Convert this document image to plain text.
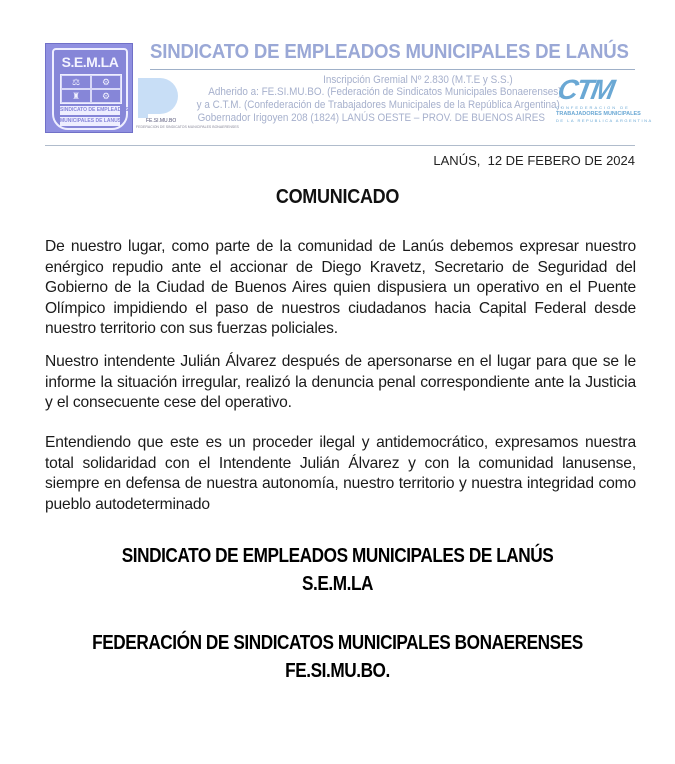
S.E.M.LA
⚖	⚙
♜	⚙
SINDICATO DE EMPLEADOS
MUNICIPALES DE LANUS	FE.SI.MU.BO
FEDERACION DE SINDICATOS MUNICIPALES BONAERENSES
SINDICATO DE EMPLEADOS MUNICIPALES DE LANÚS
Inscripción Gremial Nº 2.830 (M.T.E y S.S.)
Adherido a: FE.SI.MU.BO. (Federación de Sindicatos Municipales Bonaerenses)
y a C.T.M. (Confederación de Trabajadores Municipales de la República Argentina).
Gobernador Irigoyen 208 (1824) LANÚS OESTE – PROV. DE BUENOS AIRES
CTM
CONFEDERACION DE
TRABAJADORES MUNICIPALES
DE LA REPUBLICA ARGENTINA
LANÚS,  12 DE FEBERO DE 2024
COMUNICADO
De nuestro lugar, como parte de la comunidad de Lanús debemos expresar nuestro enérgico repudio ante el accionar de Diego Kravetz, Secretario de Seguridad del Gobierno de la Ciudad de Buenos Aires quien dispusiera un operativo en el Puente Olímpico impidiendo el paso de nuestros ciudadanos hacia Capital Federal desde nuestro territorio con sus fuerzas policiales.
Nuestro intendente Julián Álvarez después de apersonarse en el lugar para que se le informe la situación irregular, realizó la denuncia penal correspondiente ante la Justicia y el consecuente cese del operativo.
Entendiendo que este es un proceder ilegal y antidemocrático, expresamos nuestra total solidaridad con el Intendente Julián Álvarez y con la comunidad lanusense, siempre en defensa de nuestra autonomía, nuestro territorio y nuestra integridad como pueblo autodeterminado
SINDICATO DE EMPLEADOS MUNICIPALES DE LANÚS
S.E.M.LA
FEDERACIÓN DE SINDICATOS MUNICIPALES BONAERENSES
FE.SI.MU.BO.
